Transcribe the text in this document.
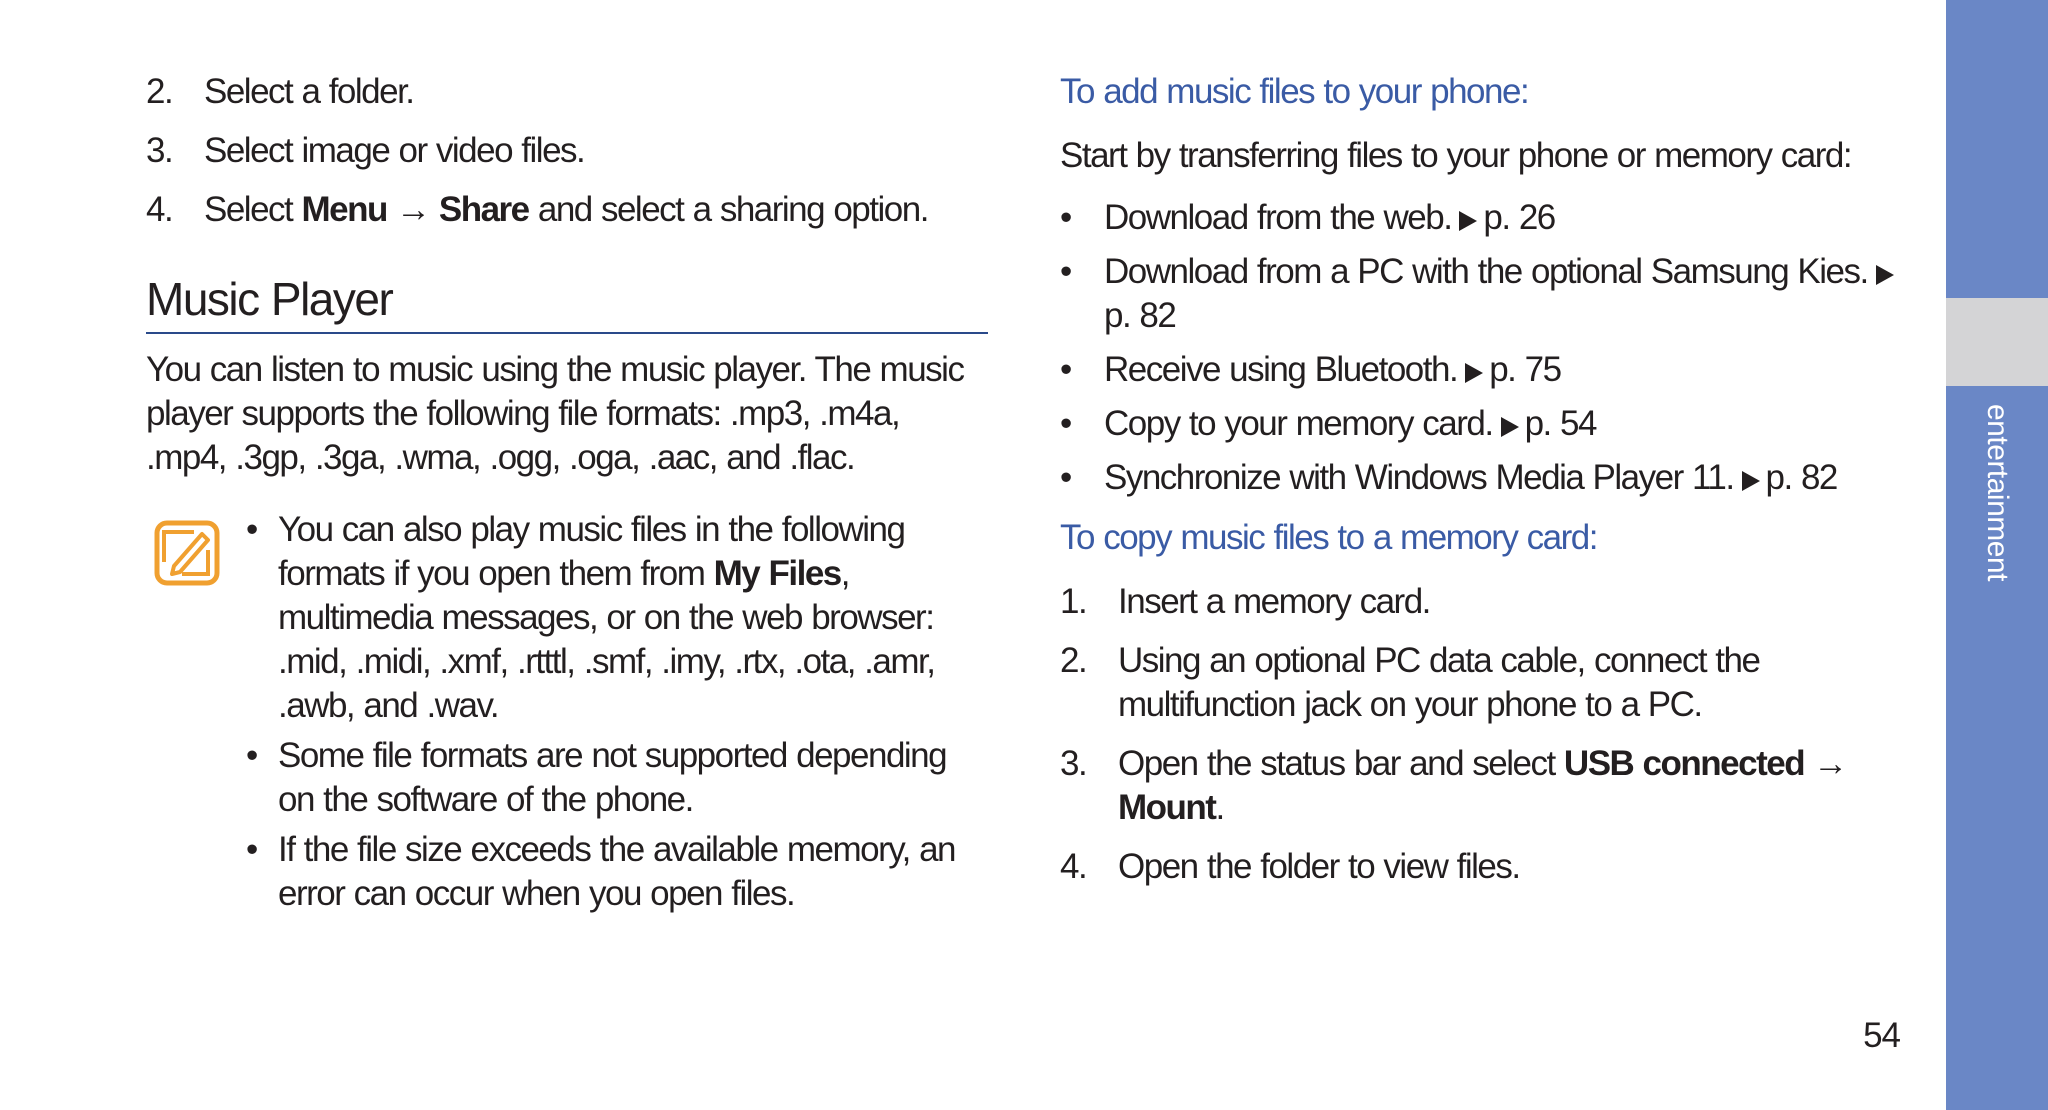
2. Select a folder.
3. Select image or video files.
4. Select Menu → Share and select a sharing option.
Music Player

You can listen to music using the music player. The music player supports the following file formats: .mp3, .m4a, .mp4, .3gp, .3ga, .wma, .ogg, .oga, .aac, and .flac.

• You can also play music files in the following formats if you open them from My Files, multimedia messages, or on the web browser: .mid, .midi, .xmf, .rtttl, .smf, .imy, .rtx, .ota, .amr, .awb, and .wav.
• Some file formats are not supported depending on the software of the phone.
• If the file size exceeds the available memory, an error can occur when you open files.
To add music files to your phone:
Start by transferring files to your phone or memory card:
• Download from the web. p. 26
• Download from a PC with the optional Samsung Kies.
p. 82
• Receive using Bluetooth. p. 75
• Copy to your memory card. p. 54
• Synchronize with Windows Media Player 11. p. 82
To copy music files to a memory card:
1. Insert a memory card.
2. Using an optional PC data cable, connect the multifunction jack on your phone to a PC.
3. Open the status bar and select USB connected → Mount.
4. Open the folder to view files.
entertainment
54
